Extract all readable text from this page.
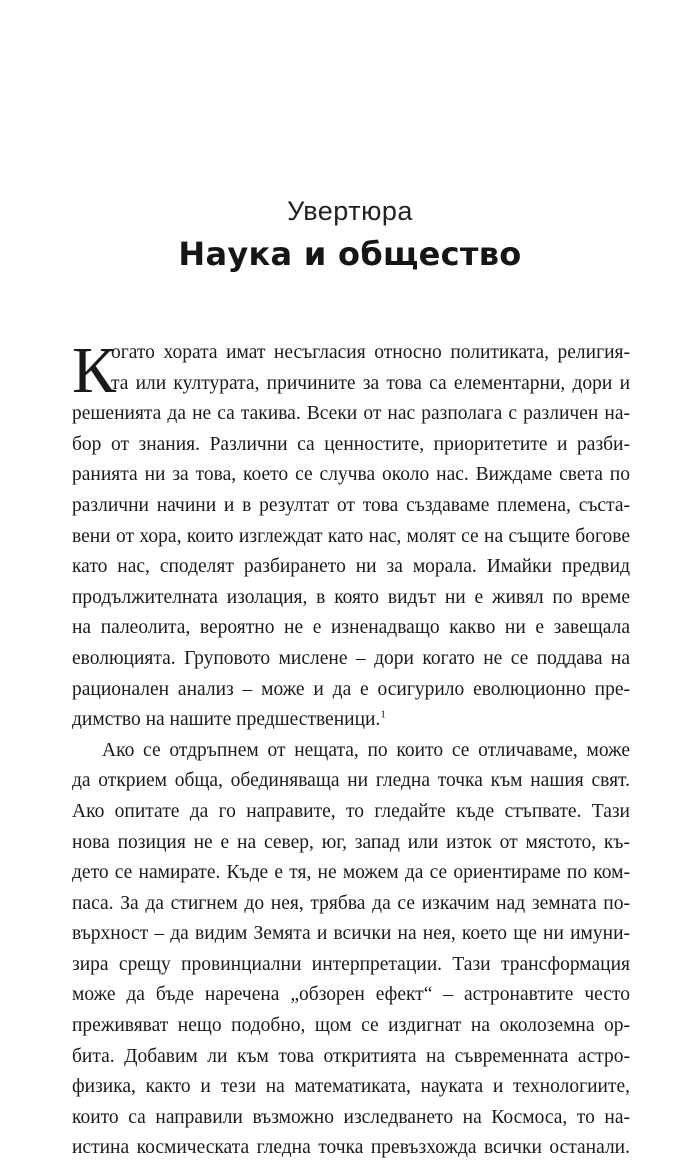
Увертюра
Наука и общество
К
огато хората имат несъгласия относно политиката, религия-
та или културата, причините за това са елементарни, дори и
решенията да не са такива. Всеки от нас разполага с различен на-
бор от знания. Различни са ценностите, приоритетите и разби-
ранията ни за това, което се случва около нас. Виждаме света по
различни начини и в резултат от това създаваме племена, съста-
вени от хора, които изглеждат като нас, молят се на същите богове
като нас, споделят разбирането ни за морала. Имайки предвид
продължителната изолация, в която видът ни е живял по време
на палеолита, вероятно не е изненадващо какво ни е завещала
еволюцията. Груповото мислене – дори когато не се поддава на
рационален анализ – може и да е осигурило еволюционно пре-
димство на нашите предшественици.$^1$
Ако се отдръпнем от нещата, по които се отличаваме, може
да открием обща, обединяваща ни гледна точка към нашия свят.
Ако опитате да го направите, то гледайте къде стъпвате. Тази
нова позиция не е на север, юг, запад или изток от мястото, къ-
дето се намирате. Къде е тя, не можем да се ориентираме по ком-
паса. За да стигнем до нея, трябва да се изкачим над земната по-
върхност – да видим Земята и всички на нея, което ще ни имуни-
зира срещу провинциални интерпретации. Тази трансформация
може да бъде наречена „обзорен ефект“ – астронавтите често
преживяват нещо подобно, щом се издигнат на околоземна ор-
бита. Добавим ли към това откритията на съвременната астро-
физика, както и тези на математиката, науката и технологиите,
които са направили възможно изследването на Космоса, то на-
истина космическата гледна точка превъзхожда всички останали.
